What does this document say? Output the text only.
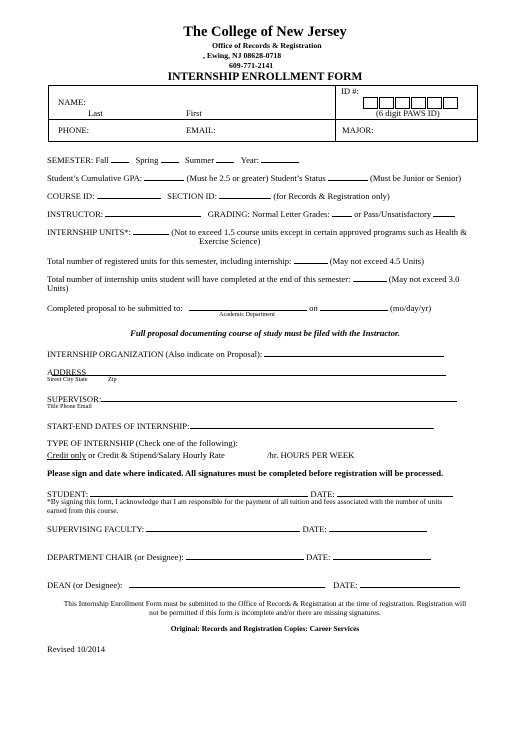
The College of New Jersey
Office of Records & Registration
, Ewing, NJ 08628-0718
609-771-2141
INTERNSHIP ENROLLMENT FORM
NAME:
Last	First
ID #:
(6 digit PAWS ID)
PHONE:	EMAIL:	MAJOR:
SEMESTER: Fall	Spring	Summer	Year:
Student’s Cumulative GPA:	(Must be 2.5 or greater) Student’s Status	(Must be Junior or Senior)
COURSE ID:	SECTION ID:	(for Records & Registration only)
INSTRUCTOR:	GRADING: Normal Letter Grades:	or Pass/Unsatisfactory
INTERNSHIP UNITS*:	(Not to exceed 1.5 course units except in certain approved programs such as Health &
Exercise Science)
Total number of registered units for this semester, including internship:	(May not exceed 4.5 Units)
Total number of internship units student will have completed at the end of this semester:	(May not exceed 3.0
Units)
Completed proposal to be submitted to:	on	(mo/day/yr)
Academic Department
Full proposal documenting course of study must be filed with the Instructor.
INTERNSHIP ORGANIZATION (Also indicate on Proposal):
ADDRESS
Street City State	Zip
SUPERVISOR:
Title Phone Email
START-END DATES OF INTERNSHIP:
TYPE OF INTERNSHIP (Check one of the following):
Credit only or Credit & Stipend/Salary Hourly Rate	/hr. HOURS PER WEEK
Please sign and date where indicated. All signatures must be completed before registration will be processed.
STUDENT:	DATE:
*By signing this form, I acknowledge that I am responsible for the payment of all tuition and fees associated with the number of units
earned from this course.
SUPERVISING FACULTY:	DATE:
DEPARTMENT CHAIR (or Designee):	DATE:
DEAN (or Designee):	DATE:
This Internship Enrollment Form must be submitted to the Office of Records & Registration at the time of registration. Registration will
not be permitted if this form is incomplete and/or there are missing signatures.
Original: Records and Registration Copies: Career Services
Revised 10/2014
